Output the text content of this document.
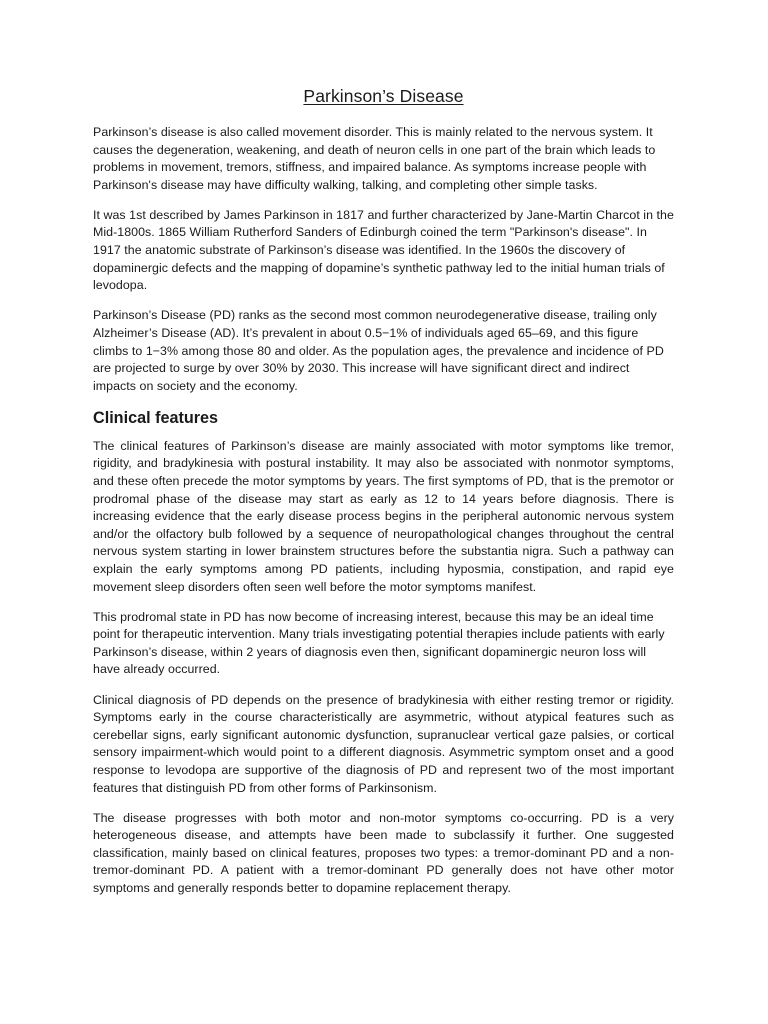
Parkinson’s Disease

Parkinson’s disease is also called movement disorder. This is mainly related to the nervous system. It causes the degeneration, weakening, and death of neuron cells in one part of the brain which leads to problems in movement, tremors, stiffness, and impaired balance. As symptoms increase people with Parkinson's disease may have difficulty walking, talking, and completing other simple tasks.

It was 1st described by James Parkinson in 1817 and further characterized by Jane-Martin Charcot in the Mid-1800s. 1865 William Rutherford Sanders of Edinburgh coined the term "Parkinson's disease". In 1917 the anatomic substrate of Parkinson’s disease was identified. In the 1960s the discovery of dopaminergic defects and the mapping of dopamine’s synthetic pathway led to the initial human trials of levodopa.

Parkinson’s Disease (PD) ranks as the second most common neurodegenerative disease, trailing only Alzheimer’s Disease (AD). It’s prevalent in about 0.5−1% of individuals aged 65–69, and this figure climbs to 1−3% among those 80 and older. As the population ages, the prevalence and incidence of PD are projected to surge by over 30% by 2030. This increase will have significant direct and indirect impacts on society and the economy.

Clinical features

The clinical features of Parkinson’s disease are mainly associated with motor symptoms like tremor, rigidity, and bradykinesia with postural instability. It may also be associated with nonmotor symptoms, and these often precede the motor symptoms by years. The first symptoms of PD, that is the premotor or prodromal phase of the disease may start as early as 12 to 14 years before diagnosis. There is increasing evidence that the early disease process begins in the peripheral autonomic nervous system and/or the olfactory bulb followed by a sequence of neuropathological changes throughout the central nervous system starting in lower brainstem structures before the substantia nigra. Such a pathway can explain the early symptoms among PD patients, including hyposmia, constipation, and rapid eye movement sleep disorders often seen well before the motor symptoms manifest.

This prodromal state in PD has now become of increasing interest, because this may be an ideal time point for therapeutic intervention. Many trials investigating potential therapies include patients with early Parkinson’s disease, within 2 years of diagnosis even then, significant dopaminergic neuron loss will have already occurred.

Clinical diagnosis of PD depends on the presence of bradykinesia with either resting tremor or rigidity. Symptoms early in the course characteristically are asymmetric, without atypical features such as cerebellar signs, early significant autonomic dysfunction, supranuclear vertical gaze palsies, or cortical sensory impairment-which would point to a different diagnosis. Asymmetric symptom onset and a good response to levodopa are supportive of the diagnosis of PD and represent two of the most important features that distinguish PD from other forms of Parkinsonism.

The disease progresses with both motor and non-motor symptoms co-occurring. PD is a very heterogeneous disease, and attempts have been made to subclassify it further. One suggested classification, mainly based on clinical features, proposes two types: a tremor-dominant PD and a non-tremor-dominant PD. A patient with a tremor-dominant PD generally does not have other motor symptoms and generally responds better to dopamine replacement therapy.
